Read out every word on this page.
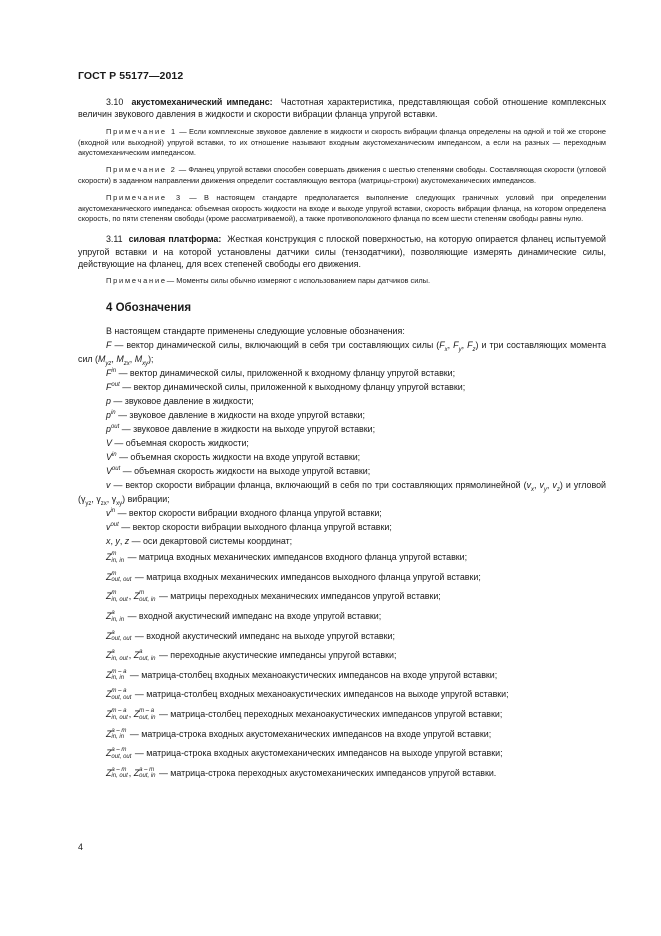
ГОСТ Р 55177—2012

3.10 акустомеханический импеданс: Частотная характеристика, представляющая собой отношение комплексных величин звукового давления в жидкости и скорости вибрации фланца упругой вставки.

Примечание 1 — Если комплексные звуковое давление в жидкости и скорость вибрации фланца определены на одной и той же стороне (входной или выходной) упругой вставки, то их отношение называют входным акустомеханическим импедансом, а если на разных — переходным акустомеханическим импедансом.

Примечание 2 — Фланец упругой вставки способен совершать движения с шестью степенями свободы. Составляющая скорости (угловой скорости) в заданном направлении движения определит составляющую вектора (матрицы-строки) акустомеханических импедансов.

Примечание 3 — В настоящем стандарте предполагается выполнение следующих граничных условий при определении акустомеханического импеданса: объемная скорость жидкости на входе и выходе упругой вставки, скорость вибрации фланца, на котором определена скорость, по пяти степеням свободы (кроме рассматриваемой), а также противоположного фланца по всем шести степеням свободы равны нулю.

3.11 силовая платформа: Жесткая конструкция с плоской поверхностью, на которую опирается фланец испытуемой упругой вставки и на которой установлены датчики силы (тензодатчики), позволяющие измерять динамические силы, действующие на фланец, для всех степеней свободы его движения.

Примечание— Моменты силы обычно измеряют с использованием пары датчиков силы.

4 Обозначения
В настоящем стандарте применены следующие условные обозначения:
F — вектор динамической силы, включающий в себя три составляющих силы ($F_x$, $F_y$, $F_z$) и три составляющих момента сил ($M_{yz}$, $M_{zx}$, $M_{xy}$);
$F^{in}$ — вектор динамической силы, приложенной к входному фланцу упругой вставки;
$F^{out}$ — вектор динамической силы, приложенной к выходному фланцу упругой вставки;
p — звуковое давление в жидкости;
$p^{in}$ — звуковое давление в жидкости на входе упругой вставки;
$p^{out}$ — звуковое давление в жидкости на выходе упругой вставки;
V — объемная скорость жидкости;
$V^{in}$ — объемная скорость жидкости на входе упругой вставки;
$V^{out}$ — объемная скорость жидкости на выходе упругой вставки;
v — вектор скорости вибрации фланца, включающий в себя по три составляющих прямолинейной ($v_x$, $v_y$, $v_z$) и угловой ($\gamma_{yz}$, $\gamma_{zx}$, $\gamma_{xy}$) вибрации;
$v^{in}$ — вектор скорости вибрации входного фланца упругой вставки;
$v^{out}$ — вектор скорости вибрации выходного фланца упругой вставки;
x, y, z — оси декартовой системы координат;
Z m
in, in — матрица входных механических импедансов входного фланца упругой вставки;
Z m
out, out — матрица входных механических импедансов выходного фланца упругой вставки;
Z m
in, out , Z m
out, in — матрицы переходных механических импедансов упругой вставки;
Z a
in, in — входной акустический импеданс на входе упругой вставки;
Z a
out, out — входной акустический импеданс на выходе упругой вставки;
Z a
in, out , Z a
out, in — переходные акустические импедансы упругой вставки;
Z m – a
in, in — матрица-столбец входных механоакустических импедансов на входе упругой вставки;
Z m – a
out, out — матрица-столбец входных механоакустических импедансов на выходе упругой вставки;
Z m – a
in, out , Z m – a
out, in — матрица-столбец переходных механоакустических импедансов упругой вставки;
Z a – m
in, in — матрица-строка входных акустомеханических импедансов на входе упругой вставки;
Z a – m
out, out — матрица-строка входных акустомеханических импедансов на выходе упругой вставки;
Z a – m
in, out , Z a – m
out, in — матрица-строка переходных акустомеханических импедансов упругой вставки.
4
